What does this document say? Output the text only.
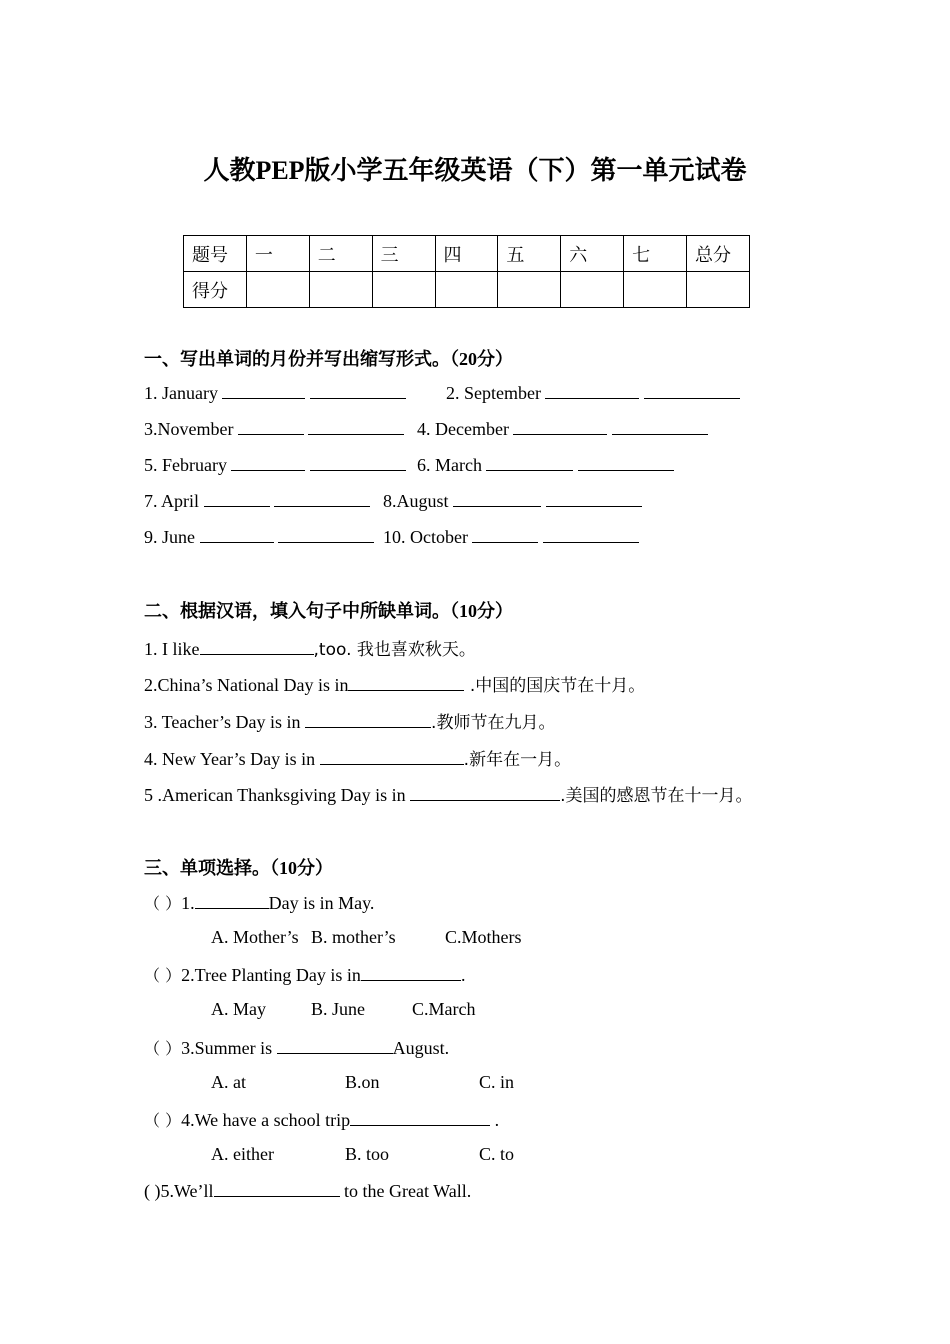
人教PEP版小学五年级英语（下）第一单元试卷
题号	一	二	三	四	五	六	七	总分
得分								
一、写出单词的月份并写出缩写形式。（20分）
1. January	2. September
3.November	4. December
5. February	6. March
7. April	8.August
9. June	10. October
二、根据汉语，填入句子中所缺单词。（10分）
1. I like	,too. 我也喜欢秋天。
2.China’s National Day is in	.中国的国庆节在十月。
3. Teacher’s Day is in	.教师节在九月。
4. New Year’s Day is in	.新年在一月。
5 .American Thanksgiving Day is in	.美国的感恩节在十一月。
三、单项选择。（10分）
（ ）1.	Day is in May.
A. Mother’s B. mother’s	C.Mothers
（ ）2.Tree Planting Day is in	.
A. May	B. June	C.March
（ ）3.Summer is	August.
A. at	B.on	C. in
（ ）4.We have a school trip	.
A. either	B. too	C. to
( )5.We’ll	to the Great Wall.
